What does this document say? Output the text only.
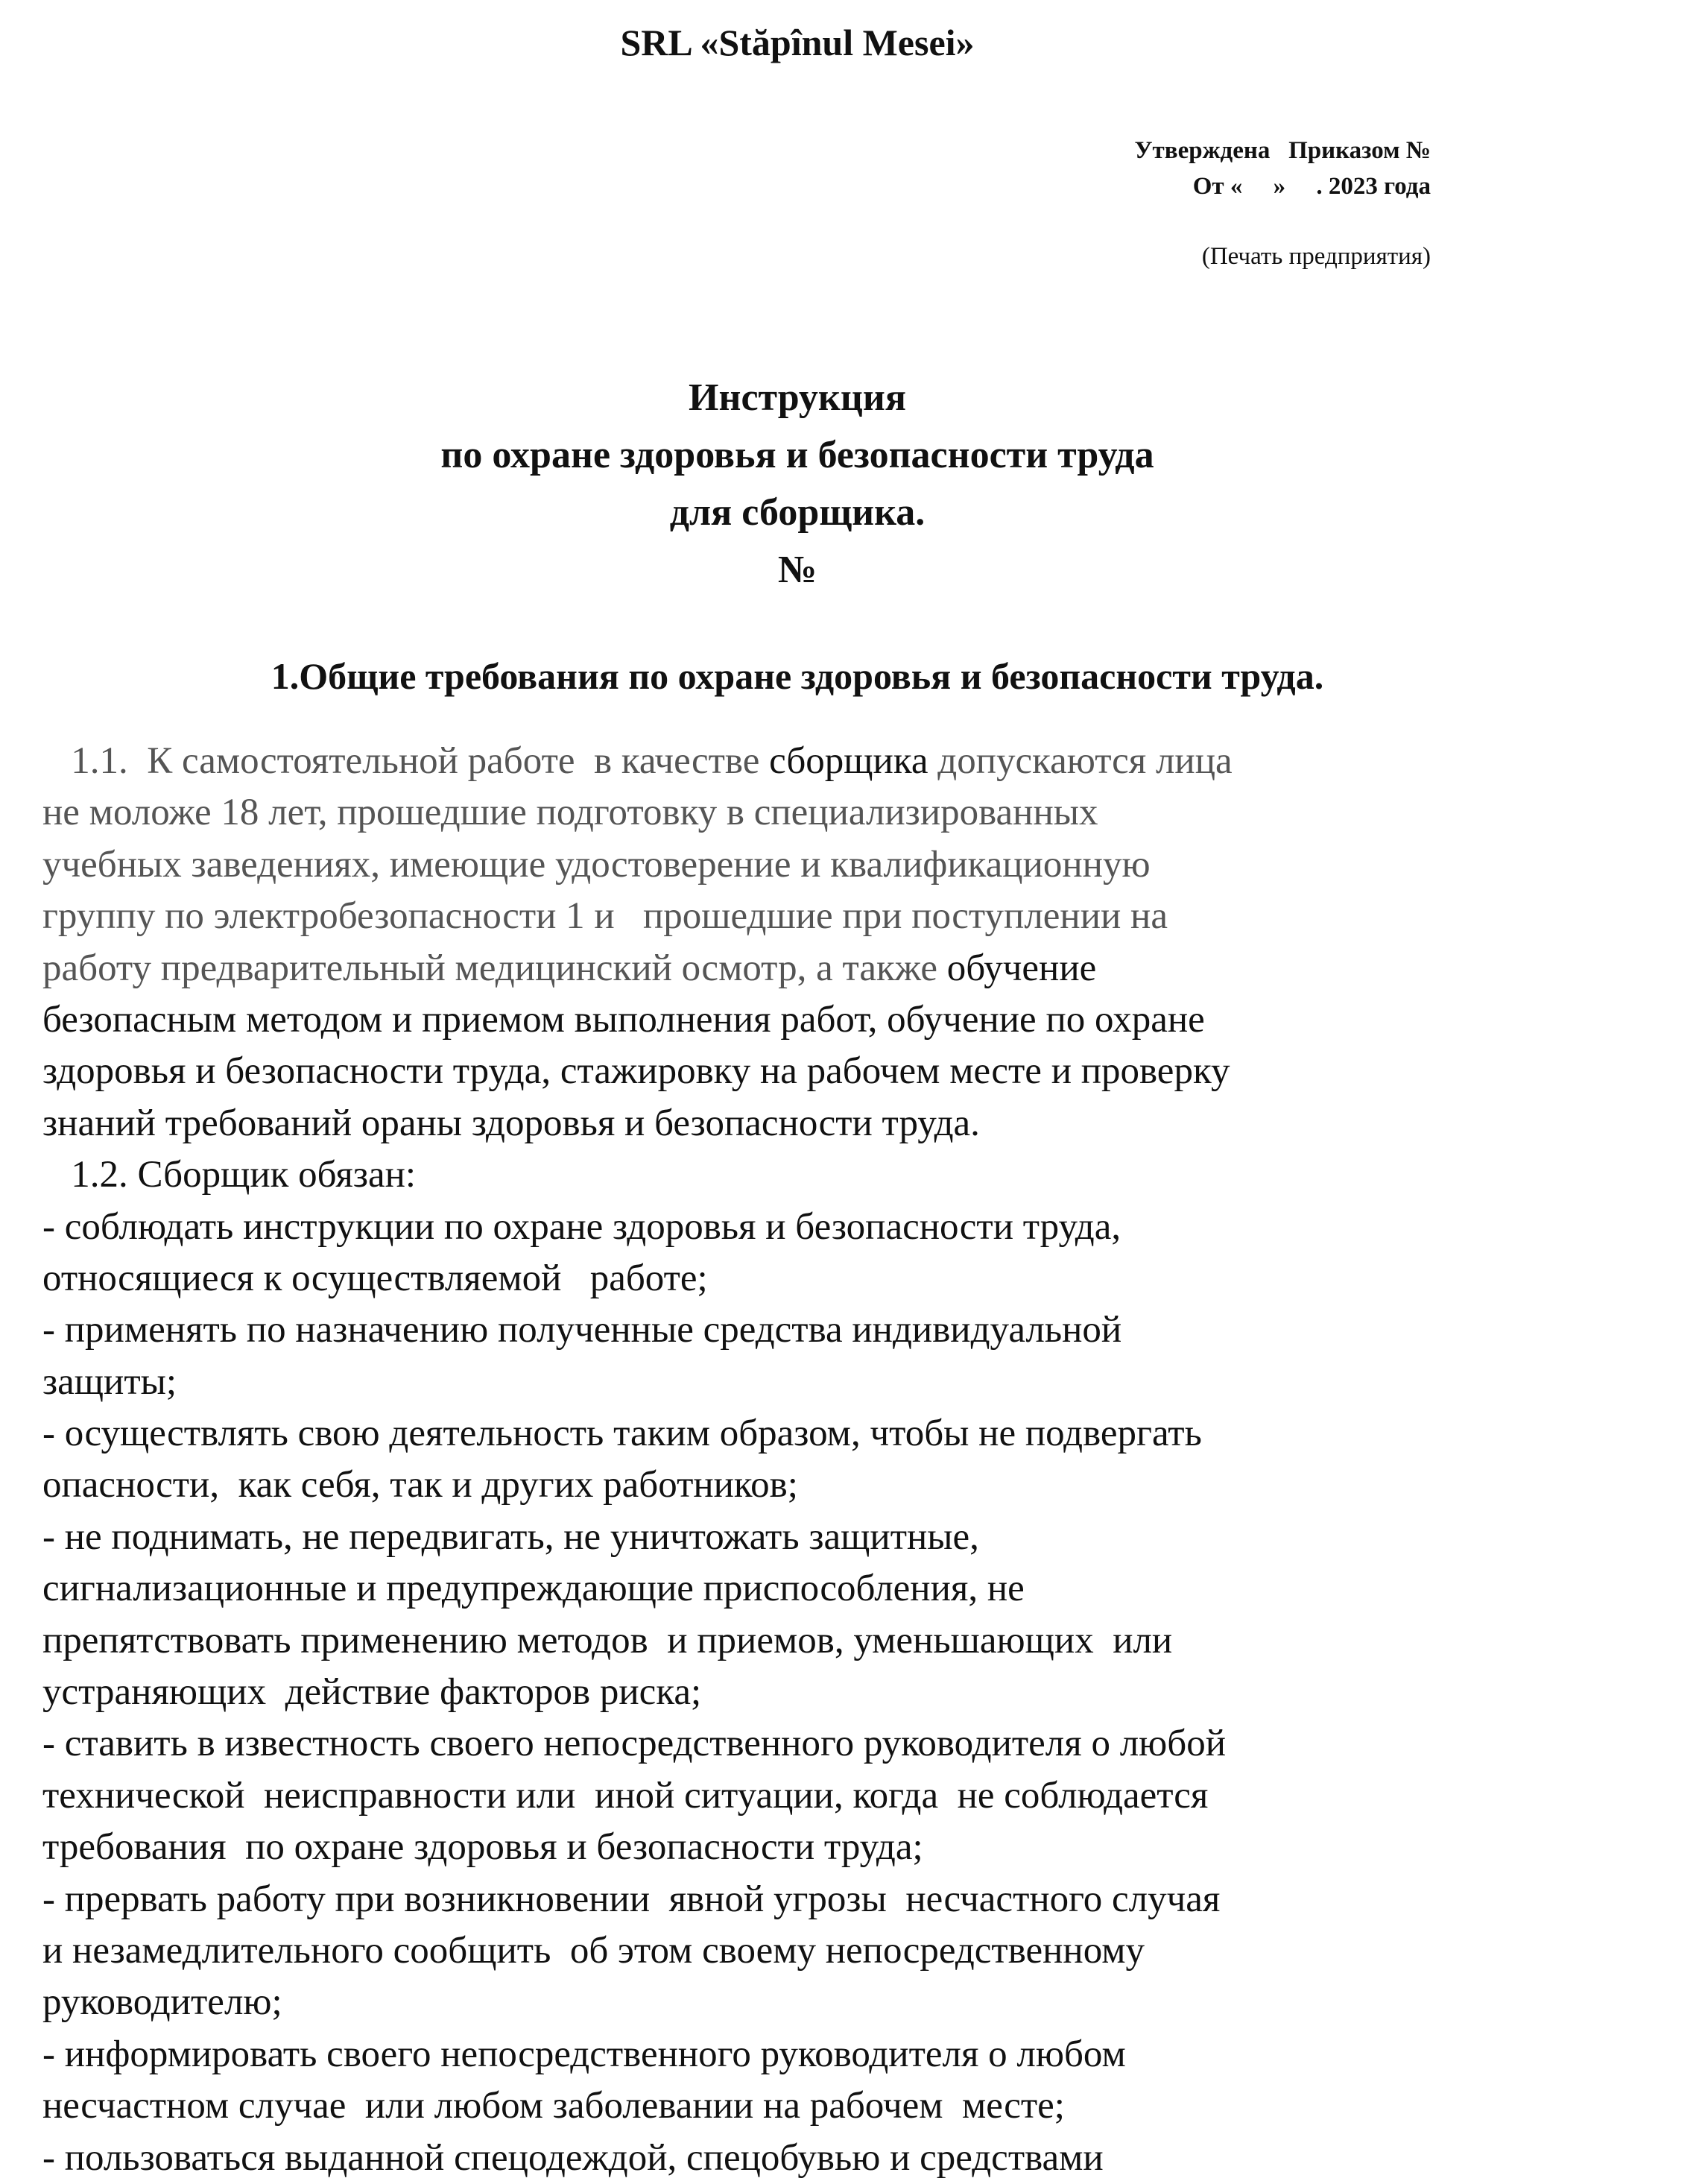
SRL «Stăpînul Mesei»
Утверждена   Приказом №
От «     »     . 2023 года
(Печать предприятия)
Инструкция
по охране здоровья и безопасности труда
для сборщика.
№
1.Общие требования по охране здоровья и безопасности труда.
1.1.  К самостоятельной работе  в качестве сборщика допускаются лица
не моложе 18 лет, прошедшие подготовку в специализированных
учебных заведениях, имеющие удостоверение и квалификационную
группу по электробезопасности 1 и   прошедшие при поступлении на
работу предварительный медицинский осмотр, а также обучение
безопасным методом и приемом выполнения работ, обучение по охране
здоровья и безопасности труда, стажировку на рабочем месте и проверку
знаний требований ораны здоровья и безопасности труда.
1.2. Сборщик обязан:
- соблюдать инструкции по охране здоровья и безопасности труда,
относящиеся к осуществляемой   работе;
- применять по назначению полученные средства индивидуальной
защиты;
- осуществлять свою деятельность таким образом, чтобы не подвергать
опасности,  как себя, так и других работников;
- не поднимать, не передвигать, не уничтожать защитные,
сигнализационные и предупреждающие приспособления, не
препятствовать применению методов  и приемов, уменьшающих  или
устраняющих  действие факторов риска;
- ставить в известность своего непосредственного руководителя о любой
технической  неисправности или  иной ситуации, когда  не соблюдается
требования  по охране здоровья и безопасности труда;
- прервать работу при возникновении  явной угрозы  несчастного случая
и незамедлительного сообщить  об этом своему непосредственному
руководителю;
- информировать своего непосредственного руководителя о любом
несчастном случае  или любом заболевании на рабочем  месте;
- пользоваться выданной спецодеждой, спецобувью и средствами
